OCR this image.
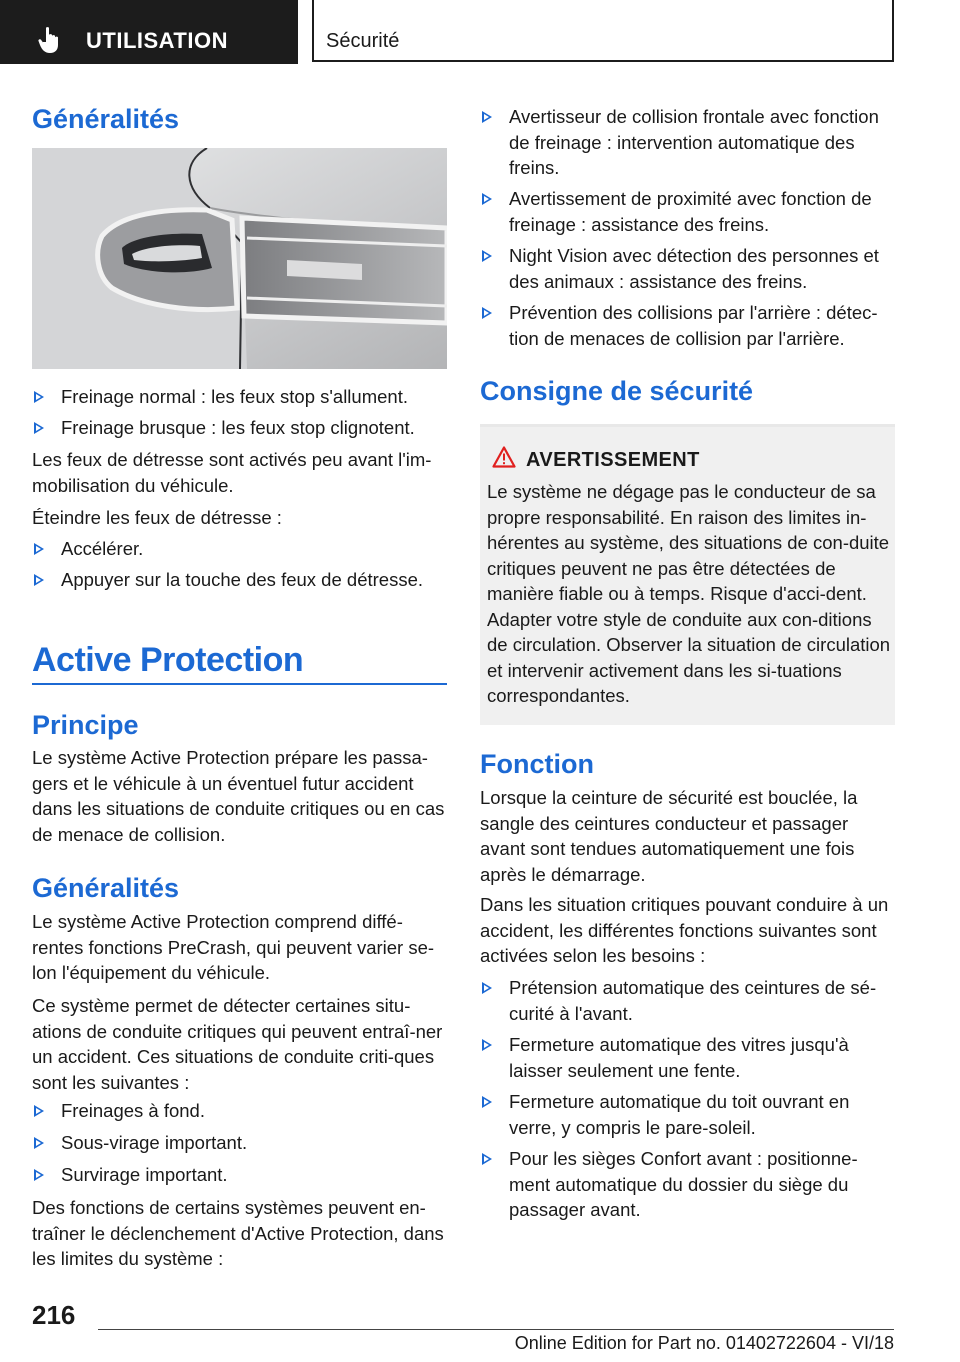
UTILISATION	Sécurité
Généralités
Freinage normal : les feux stop s'allument.
Freinage brusque : les feux stop clignotent.

Les feux de détresse sont activés peu avant l'im-mobilisation du véhicule.

Éteindre les feux de détresse :

Accélérer.
Appuyer sur la touche des feux de détresse.
Active Protection
Principe

Le système Active Protection prépare les passa-gers et le véhicule à un éventuel futur accident dans les situations de conduite critiques ou en cas de menace de collision.

Généralités

Le système Active Protection comprend diffé-rentes fonctions PreCrash, qui peuvent varier se-lon l'équipement du véhicule.

Ce système permet de détecter certaines situ-ations de conduite critiques qui peuvent entraî-ner un accident. Ces situations de conduite criti-ques sont les suivantes :

Freinages à fond.
Sous-virage important.
Survirage important.

Des fonctions de certains systèmes peuvent en-traîner le déclenchement d'Active Protection, dans les limites du système :

Avertisseur de collision frontale avec fonction de freinage : intervention automatique des freins.
Avertissement de proximité avec fonction de freinage : assistance des freins.
Night Vision avec détection des personnes et des animaux : assistance des freins.
Prévention des collisions par l'arrière : détec-tion de menaces de collision par l'arrière.
Consigne de sécurité
AVERTISSEMENT
Le système ne dégage pas le conducteur de sa propre responsabilité. En raison des limites in-hérentes au système, des situations de con-duite critiques peuvent ne pas être détectées de manière fiable ou à temps. Risque d'acci-dent. Adapter votre style de conduite aux con-ditions de circulation. Observer la situation de circulation et intervenir activement dans les si-tuations correspondantes.
Fonction

Lorsque la ceinture de sécurité est bouclée, la sangle des ceintures conducteur et passager avant sont tendues automatiquement une fois après le démarrage.

Dans les situation critiques pouvant conduire à un accident, les différentes fonctions suivantes sont activées selon les besoins :

Prétension automatique des ceintures de sé-curité à l'avant.
Fermeture automatique des vitres jusqu'à laisser seulement une fente.
Fermeture automatique du toit ouvrant en verre, y compris le pare-soleil.
Pour les sièges Confort avant : positionne-ment automatique du dossier du siège du passager avant.
216
Online Edition for Part no. 01402722604 - VI/18
